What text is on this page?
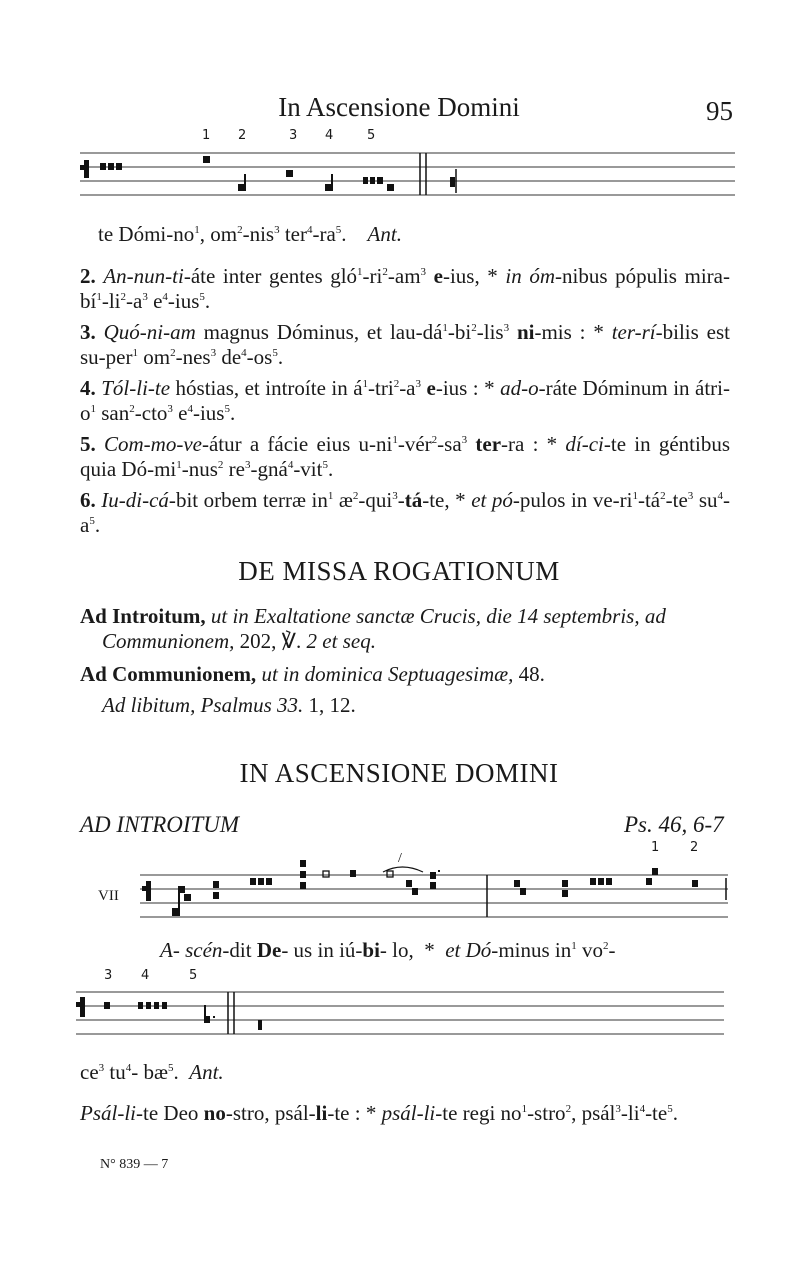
In Ascensione Domini	95
1 2	3 4	5
te Dómi-$no^1$, $om^2-nis^3$ $ter^4-ra^5$.    Ant.

2. An-nun-ti-áte inter gentes $gló^1-ri^2-am^3$ e-ius, * in óm-nibus pópulis mira-$bí^1-li^2-a^3$ $e^4-ius^5$.

3. Quó-ni-am magnus Dóminus, et lau-$dá^1-bi^2-lis^3$ ni-mis : * ter-rí-bilis est su-per$^1$ $om^2-nes^3$ $de^4-os^5$.

4. Tól-li-te hóstias, et introíte in $á^1-tri^2-a^3$ e-ius : * ad-o-ráte Dóminum in átri-$o^1$ san$^2$-cto$^3$ $e^4-ius^5$.

5. Com-mo-ve-átur a fácie eius $u-ni^1-vér^2-sa^3$ ter-ra : * dí-ci-te in géntibus quia $Dó-mi^1-nus^2$ $re^3-gná^4-vit^5$.

6. Iu-di-cá-bit orbem terræ $in^1$ $æ^2-qui^3-tá-te$, * et pó-pulos in $ve-ri^1-tá^2-te^3$ $su^4-a^5$.

DE MISSA ROGATIONUM
Ad Introitum, ut in Exaltatione sanctæ Crucis, die 14 septembris, ad
Communionem, 202, ℣. 2 et seq.
Ad Communionem, ut in dominica Septuagesimæ, 48.
Ad libitum, Psalmus 33. 1, 12.
IN ASCENSIONE DOMINI
AD INTROITUM	Ps. 46, 6-7
1 2
VII
/
A- scén-dit De- us in iú-bi- lo,  *  et Dó-minus $in^1$ $vo^2-$
3 4	5
$ce^3$ $tu^4-$ $bæ^5$.  Ant.

Psál-li-te Deo no-stro, psál-li-te : * psál-li-te regi $no^1-stro^2$, $psál^3-li^4-te^5$.

N° 839 — 7
